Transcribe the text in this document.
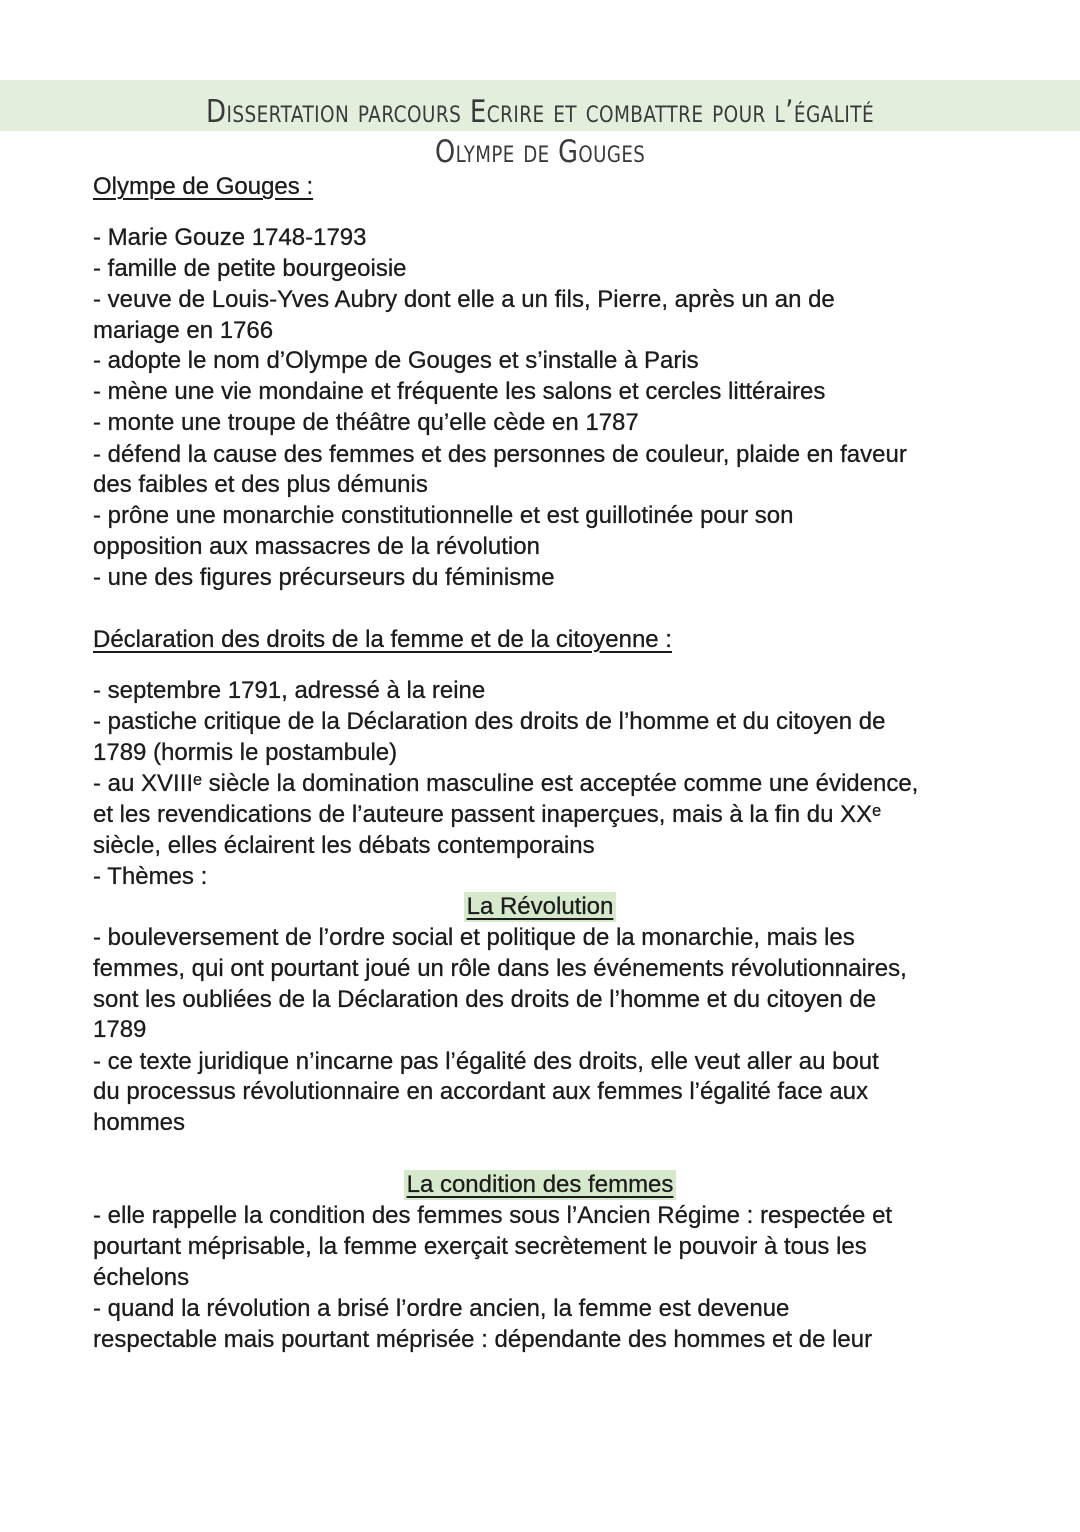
Dissertation parcours Ecrire et combattre pour l’égalité
Olympe de Gouges
Olympe de Gouges :
- Marie Gouze 1748-1793
- famille de petite bourgeoisie
- veuve de Louis-Yves Aubry dont elle a un fils, Pierre, après un an de
mariage en 1766
- adopte le nom d’Olympe de Gouges et s’installe à Paris
- mène une vie mondaine et fréquente les salons et cercles littéraires
- monte une troupe de théâtre qu’elle cède en 1787
- défend la cause des femmes et des personnes de couleur, plaide en faveur
des faibles et des plus démunis
- prône une monarchie constitutionnelle et est guillotinée pour son
opposition aux massacres de la révolution
- une des figures précurseurs du féminisme
Déclaration des droits de la femme et de la citoyenne :
- septembre 1791, adressé à la reine
- pastiche critique de la Déclaration des droits de l’homme et du citoyen de
1789 (hormis le postambule)
- au XVIIIᵉ siècle la domination masculine est acceptée comme une évidence,
et les revendications de l’auteure passent inaperçues, mais à la fin du XXᵉ
siècle, elles éclairent les débats contemporains
- Thèmes :
La Révolution
- bouleversement de l’ordre social et politique de la monarchie, mais les
femmes, qui ont pourtant joué un rôle dans les événements révolutionnaires,
sont les oubliées de la Déclaration des droits de l’homme et du citoyen de
1789
- ce texte juridique n’incarne pas l’égalité des droits, elle veut aller au bout
du processus révolutionnaire en accordant aux femmes l’égalité face aux
hommes
La condition des femmes
- elle rappelle la condition des femmes sous l’Ancien Régime : respectée et
pourtant méprisable, la femme exerçait secrètement le pouvoir à tous les
échelons
- quand la révolution a brisé l’ordre ancien, la femme est devenue
respectable mais pourtant méprisée : dépendante des hommes et de leur
